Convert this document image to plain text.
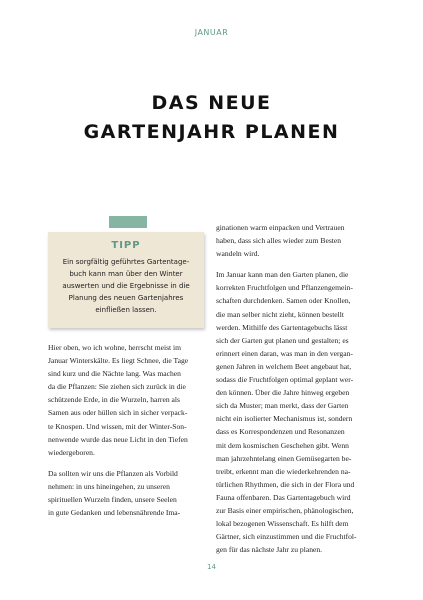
JANUAR
DAS NEUE
GARTENJAHR PLANEN
TIPP
Ein sorgfältig geführtes Gartentage-
buch kann man über den Winter
auswerten und die Ergebnisse in die
Planung des neuen Gartenjahres
einfließen lassen.

Hier oben, wo ich wohne, herrscht meist im
Januar Winterskälte. Es liegt Schnee, die Tage
sind kurz und die Nächte lang. Was machen
da die Pflanzen: Sie ziehen sich zurück in die
schützende Erde, in die Wurzeln, harren als
Samen aus oder hüllen sich in sicher verpack-
te Knospen. Und wissen, mit der Winter-Son-
nenwende wurde das neue Licht in den Tiefen
wiedergeboren.

Da sollten wir uns die Pflanzen als Vorbild
nehmen: in uns hineingehen, zu unseren
spirituellen Wurzeln finden, unsere Seelen
in gute Gedanken und lebensnährende Ima-

ginationen warm einpacken und Vertrauen
haben, dass sich alles wieder zum Besten
wandeln wird.

Im Januar kann man den Garten planen, die
korrekten Fruchtfolgen und Pflanzengemein-
schaften durchdenken. Samen oder Knollen,
die man selber nicht zieht, können bestellt
werden. Mithilfe des Gartentagebuchs lässt
sich der Garten gut planen und gestalten; es
erinnert einen daran, was man in den vergan-
genen Jahren in welchem Beet angebaut hat,
sodass die Fruchtfolgen optimal geplant wer-
den können. Über die Jahre hinweg ergeben
sich da Muster; man merkt, dass der Garten
nicht ein isolierter Mechanismus ist, sondern
dass es Korrespondenzen und Resonanzen
mit dem kosmischen Geschehen gibt. Wenn
man jahrzehntelang einen Gemüsegarten be-
treibt, erkennt man die wiederkehrenden na-
türlichen Rhythmen, die sich in der Flora und
Fauna offenbaren. Das Gartentagebuch wird
zur Basis einer empirischen, phänologischen,
lokal bezogenen Wissenschaft. Es hilft dem
Gärtner, sich einzustimmen und die Fruchtfol-
gen für das nächste Jahr zu planen.

14
